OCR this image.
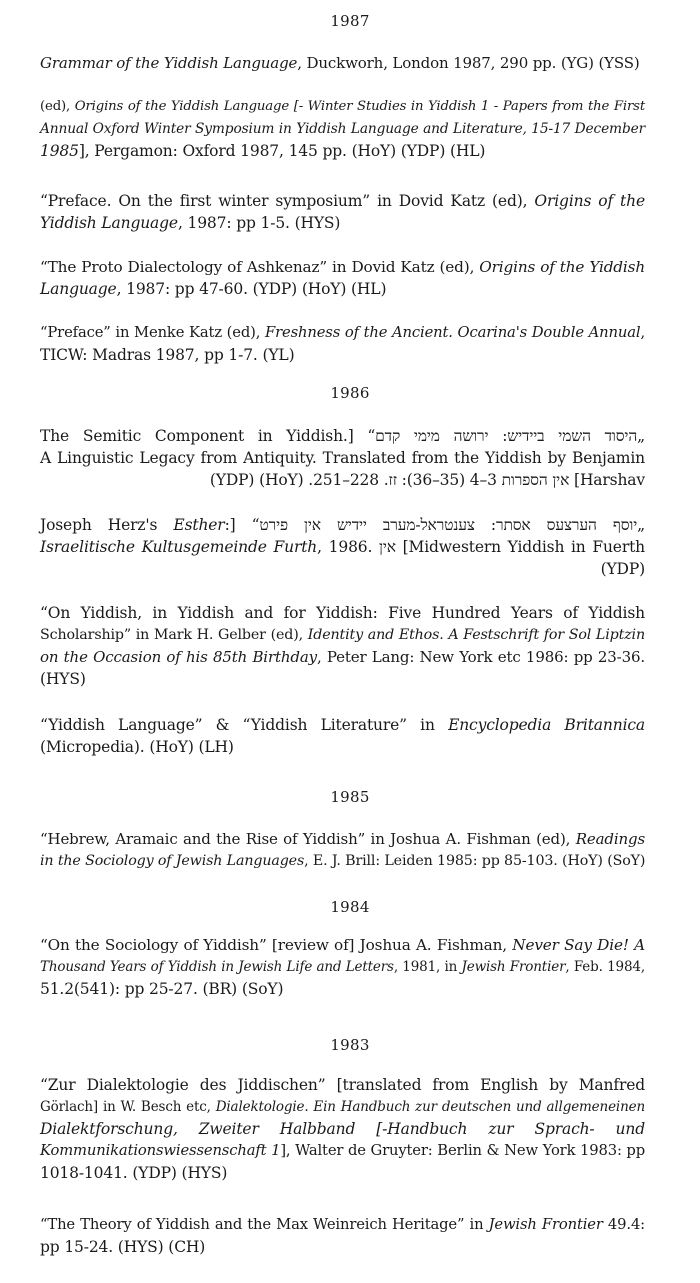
1987
Grammar of the Yiddish Language, Duckworh, London 1987, 290 pp. (YG) (YSS)
(ed), Origins of the Yiddish Language [- Winter Studies in Yiddish 1 - Papers from the First
Annual Oxford Winter Symposium in Yiddish Language and Literature, 15-17 December
1985], Pergamon: Oxford 1987, 145 pp. (HoY) (YDP) (HL)
“Preface. On the first winter symposium” in Dovid Katz (ed), Origins of the
Yiddish Language, 1987: pp 1-5. (HYS)
“The Proto Dialectology of Ashkenaz” in Dovid Katz (ed), Origins of the Yiddish
Language, 1987: pp 47-60. (YDP) (HoY) (HL)
“Preface” in Menke Katz (ed), Freshness of the Ancient. Ocarina's Double Annual,
TICW: Madras 1987, pp 1-7. (YL)
1986
The Semitic Component in Yiddish.] „היסוד השמי ביידיש: ירושה מימי קדם“
A Linguistic Legacy from Antiquity. Translated from the Yiddish by Benjamin
Harshav] אין הספרות 3–4 (35–36): זז. 228–251. (HoY) (YDP)
Joseph Herz's Esther:] „יוסף הערצעס אסתר: צענטראל-מערב יידיש אין פירט“
Israelitische Kultusgemeinde Furth, 1986. אין [Midwestern Yiddish in Fuerth
(YDP)
“On Yiddish, in Yiddish and for Yiddish: Five Hundred Years of Yiddish
Scholarship” in Mark H. Gelber (ed), Identity and Ethos. A Festschrift for Sol Liptzin
on the Occasion of his 85th Birthday, Peter Lang: New York etc 1986: pp 23-36.
(HYS)
“Yiddish Language” & “Yiddish Literature” in Encyclopedia Britannica
(Micropedia). (HoY) (LH)
1985
“Hebrew, Aramaic and the Rise of Yiddish” in Joshua A. Fishman (ed), Readings
in the Sociology of Jewish Languages, E. J. Brill: Leiden 1985: pp 85-103. (HoY) (SoY)
1984
“On the Sociology of Yiddish” [review of] Joshua A. Fishman, Never Say Die! A
Thousand Years of Yiddish in Jewish Life and Letters, 1981, in Jewish Frontier, Feb. 1984,
51.2(541): pp 25-27. (BR) (SoY)
1983
“Zur Dialektologie des Jiddischen” [translated from English by Manfred
Görlach] in W. Besch etc, Dialektologie. Ein Handbuch zur deutschen und allgemeneinen
Dialektforschung, Zweiter Halbband [-Handbuch zur Sprach- und
Kommunikationswiessenschaft 1], Walter de Gruyter: Berlin & New York 1983: pp
1018-1041. (YDP) (HYS)
“The Theory of Yiddish and the Max Weinreich Heritage” in Jewish Frontier 49.4:
pp 15-24. (HYS) (CH)
